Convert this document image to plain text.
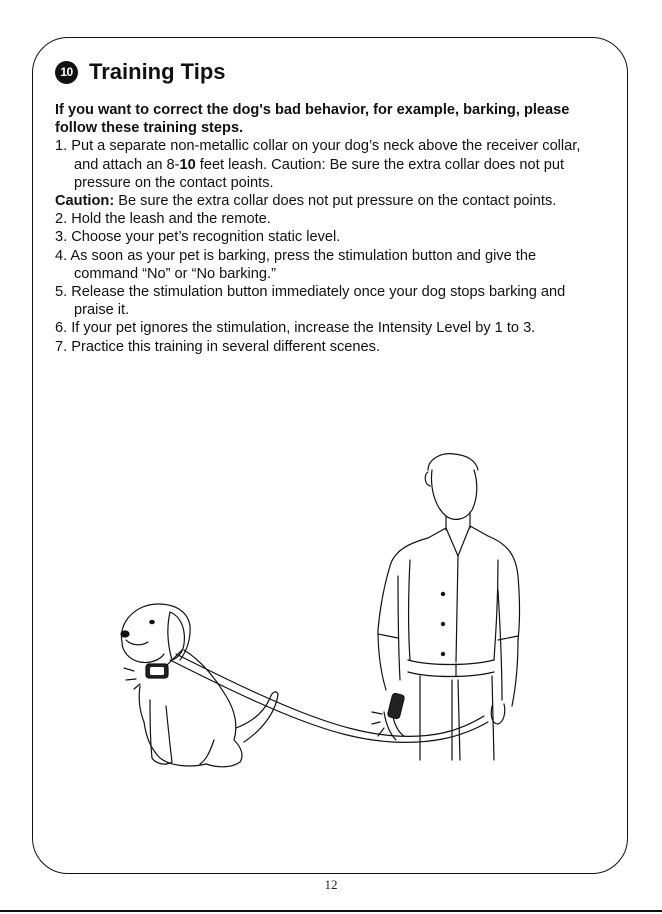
10 Training Tips

If you want to correct the dog's bad behavior, for example, barking, please follow these training steps.

1. Put a separate non-metallic collar on your dog’s neck above the receiver collar,

and attach an 8-10 feet leash. Caution: Be sure the extra collar does not put

pressure on the contact points.

Caution: Be sure the extra collar does not put pressure on the contact points.

2. Hold the leash and the remote.

3. Choose your pet’s recognition static level.

4. As soon as your pet is barking, press the stimulation button and give the

command “No” or “No barking.”

5. Release the stimulation button immediately once your dog stops barking and

praise it.

6. If your pet ignores the stimulation, increase the Intensity Level by 1 to 3.

7. Practice this training in several different scenes.

12
